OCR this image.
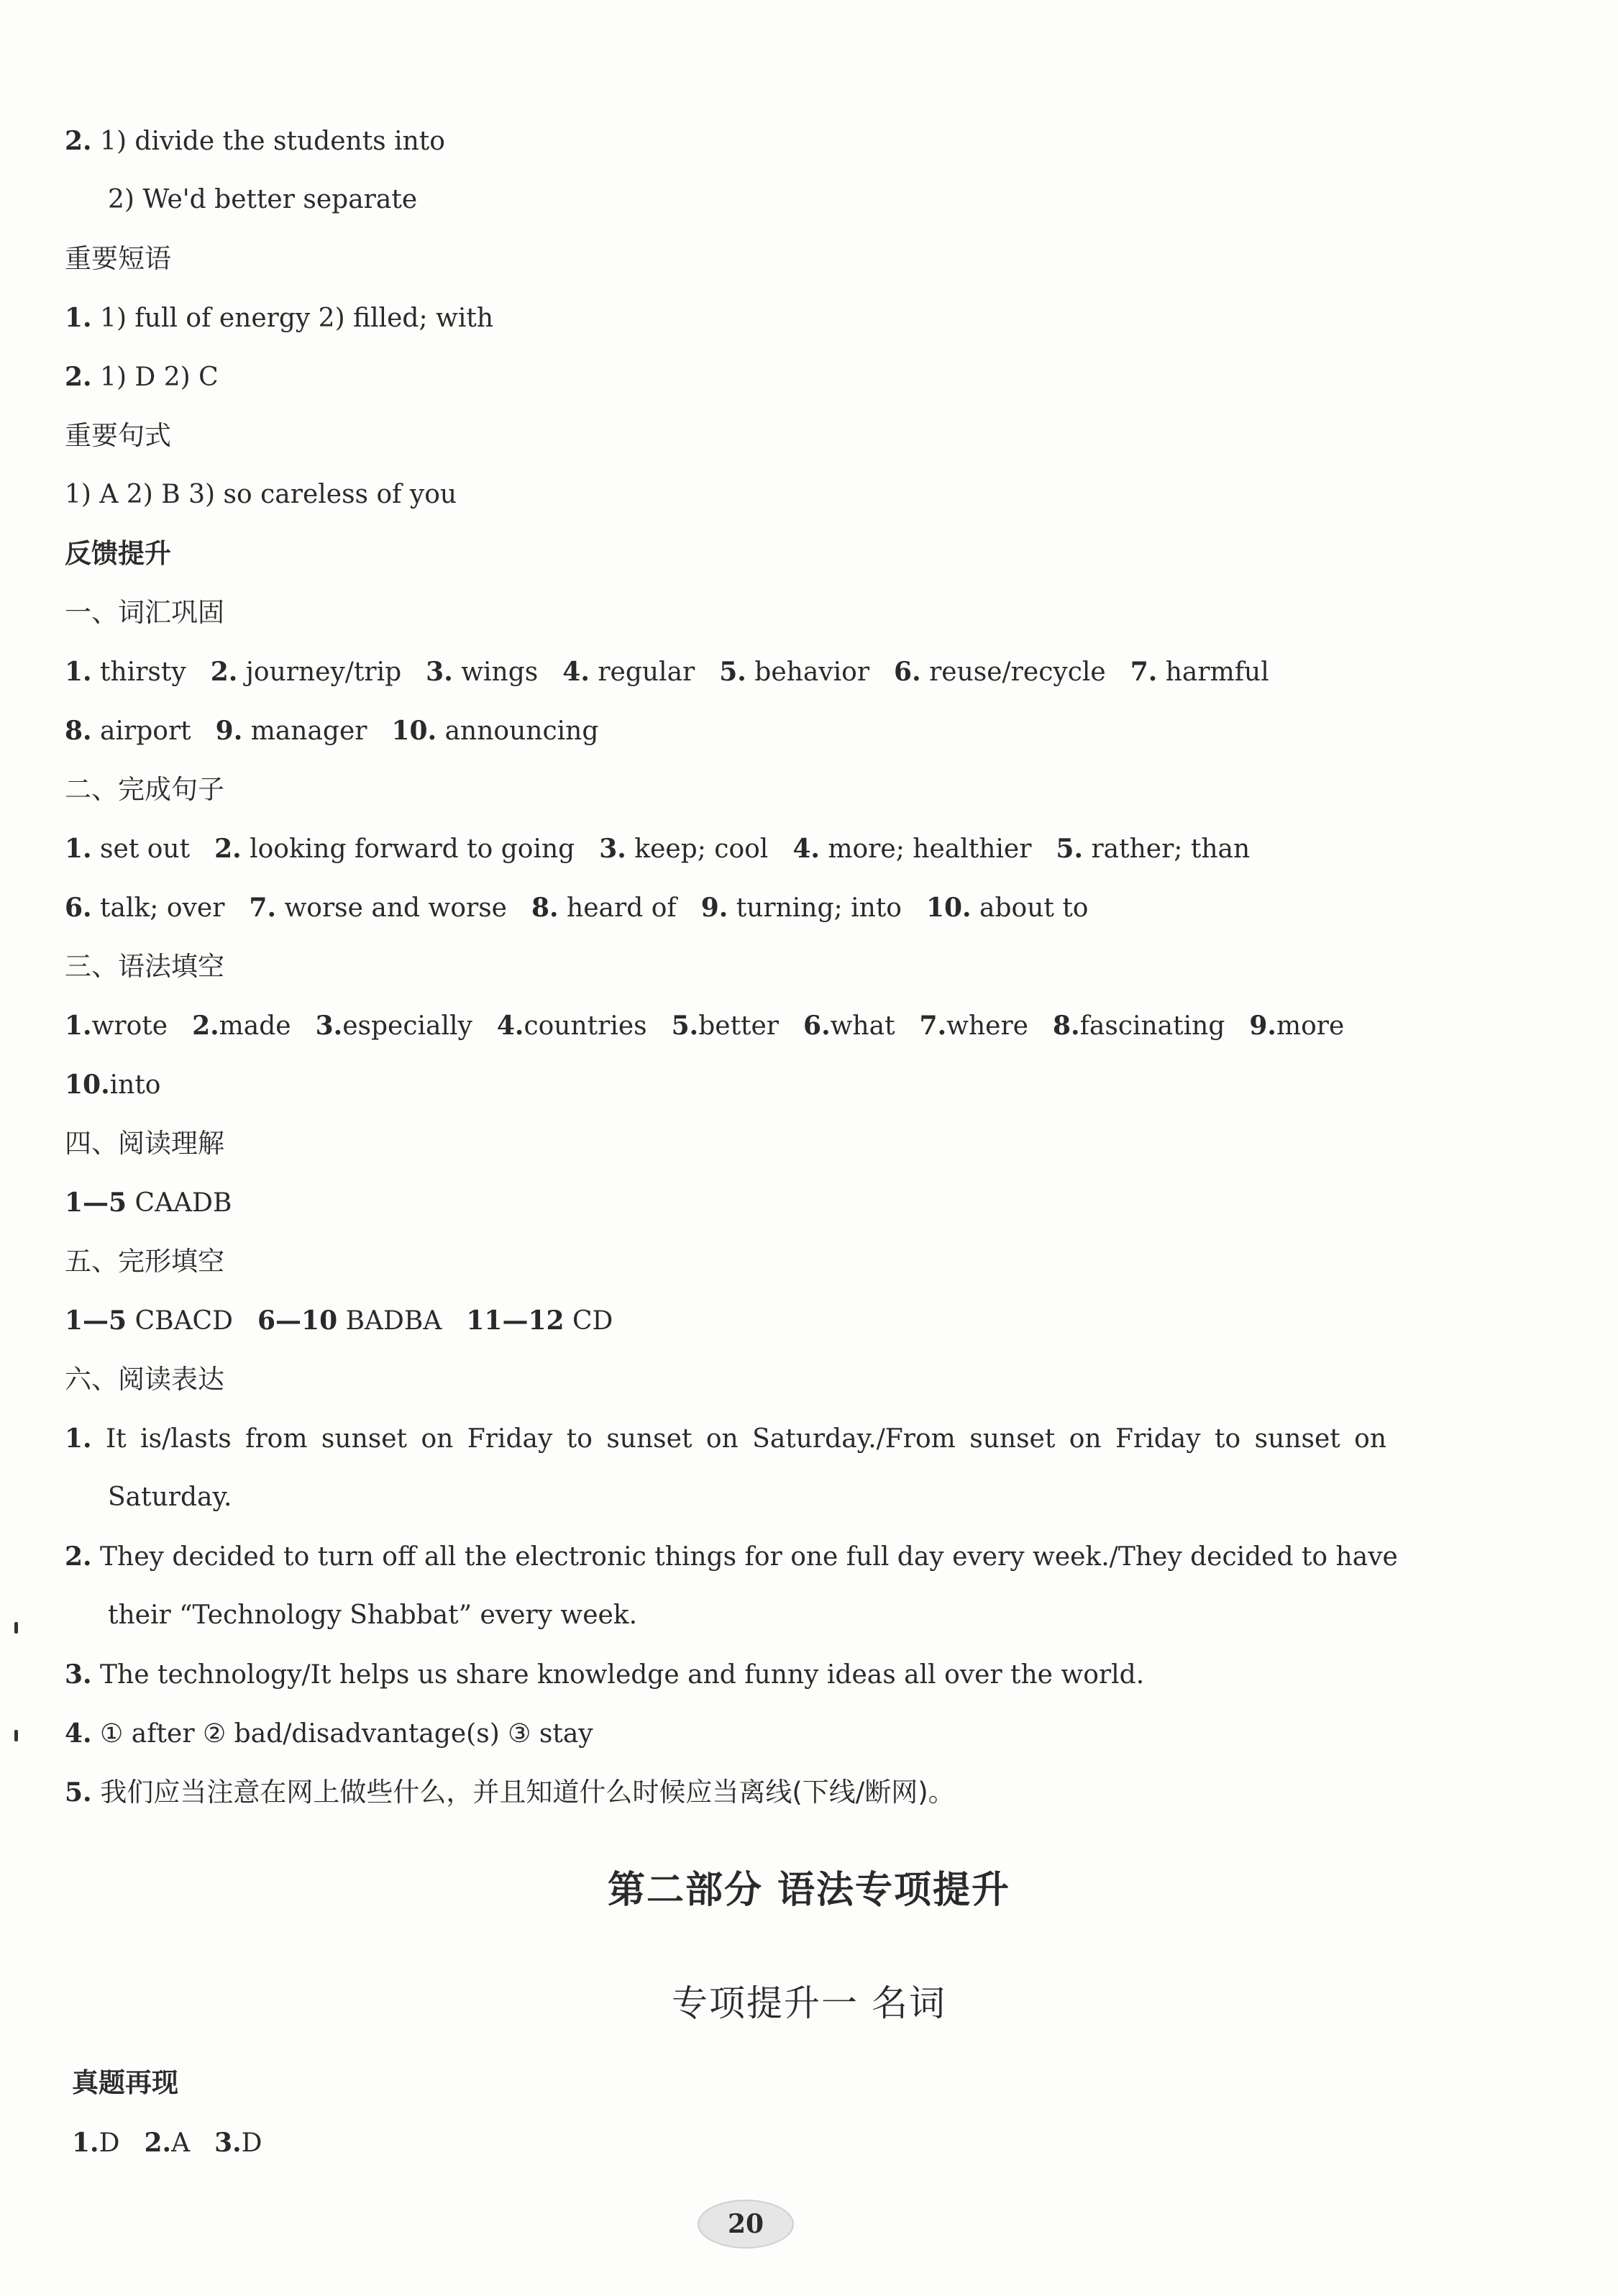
2. 1) divide the students into
2) We'd better separate
重要短语
1. 1) full of energy 2) filled; with
2. 1) D 2) C
重要句式
1) A 2) B 3) so careless of you
反馈提升
一、词汇巩固
1. thirsty 2. journey/trip 3. wings 4. regular 5. behavior 6. reuse/recycle 7. harmful
8. airport 9. manager 10. announcing
二、完成句子
1. set out 2. looking forward to going 3. keep; cool 4. more; healthier 5. rather; than
6. talk; over 7. worse and worse 8. heard of 9. turning; into 10. about to
三、语法填空
1.wrote 2.made 3.especially 4.countries 5.better 6.what 7.where 8.fascinating 9.more
10.into
四、阅读理解
1—5 CAADB
五、完形填空
1—5 CBACD 6—10 BADBA 11—12 CD
六、阅读表达
1. It is/lasts from sunset on Friday to sunset on Saturday./From sunset on Friday to sunset on
Saturday.
2. They decided to turn off all the electronic things for one full day every week./They decided to have
their “Technology Shabbat” every week.
3. The technology/It helps us share knowledge and funny ideas all over the world.
4. ① after ② bad/disadvantage(s) ③ stay
5. 我们应当注意在网上做些什么，并且知道什么时候应当离线(下线/断网)。
第二部分 语法专项提升
专项提升一 名词
真题再现
1.D 2.A 3.D
20
